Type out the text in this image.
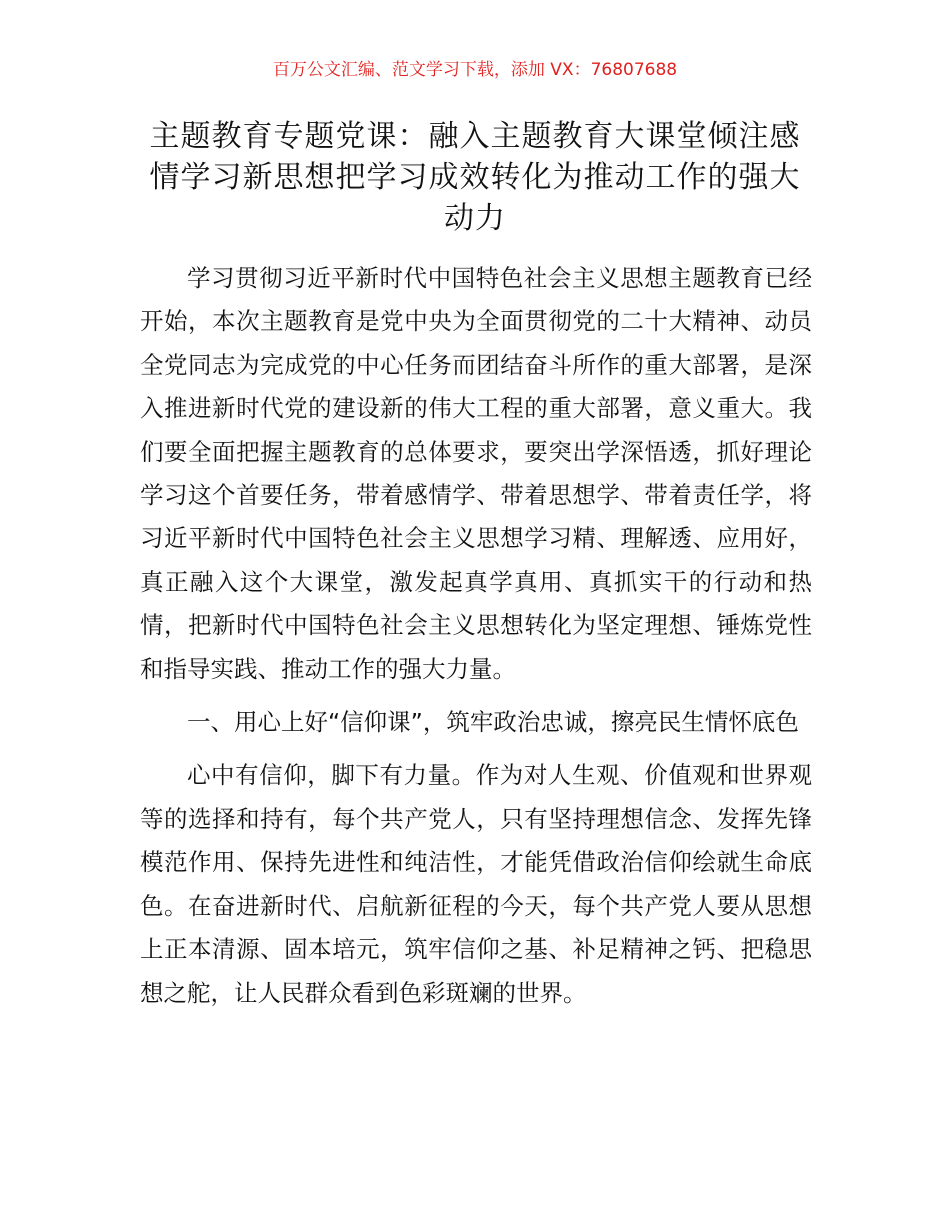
百万公文汇编、范文学习下载，添加 VX：76807688
主题教育专题党课：融入主题教育大课堂倾注感情学习新思想把学习成效转化为推动工作的强大动力

学习贯彻习近平新时代中国特色社会主义思想主题教育已经开始，本次主题教育是党中央为全面贯彻党的二十大精神、动员全党同志为完成党的中心任务而团结奋斗所作的重大部署，是深入推进新时代党的建设新的伟大工程的重大部署，意义重大。我们要全面把握主题教育的总体要求，要突出学深悟透，抓好理论学习这个首要任务，带着感情学、带着思想学、带着责任学，将习近平新时代中国特色社会主义思想学习精、理解透、应用好，真正融入这个大课堂，激发起真学真用、真抓实干的行动和热情，把新时代中国特色社会主义思想转化为坚定理想、锤炼党性和指导实践、推动工作的强大力量。

一、用心上好“信仰课”，筑牢政治忠诚，擦亮民生情怀底色

心中有信仰，脚下有力量。作为对人生观、价值观和世界观等的选择和持有，每个共产党人，只有坚持理想信念、发挥先锋模范作用、保持先进性和纯洁性，才能凭借政治信仰绘就生命底色。在奋进新时代、启航新征程的今天，每个共产党人要从思想上正本清源、固本培元，筑牢信仰之基、补足精神之钙、把稳思想之舵，让人民群众看到色彩斑斓的世界。
